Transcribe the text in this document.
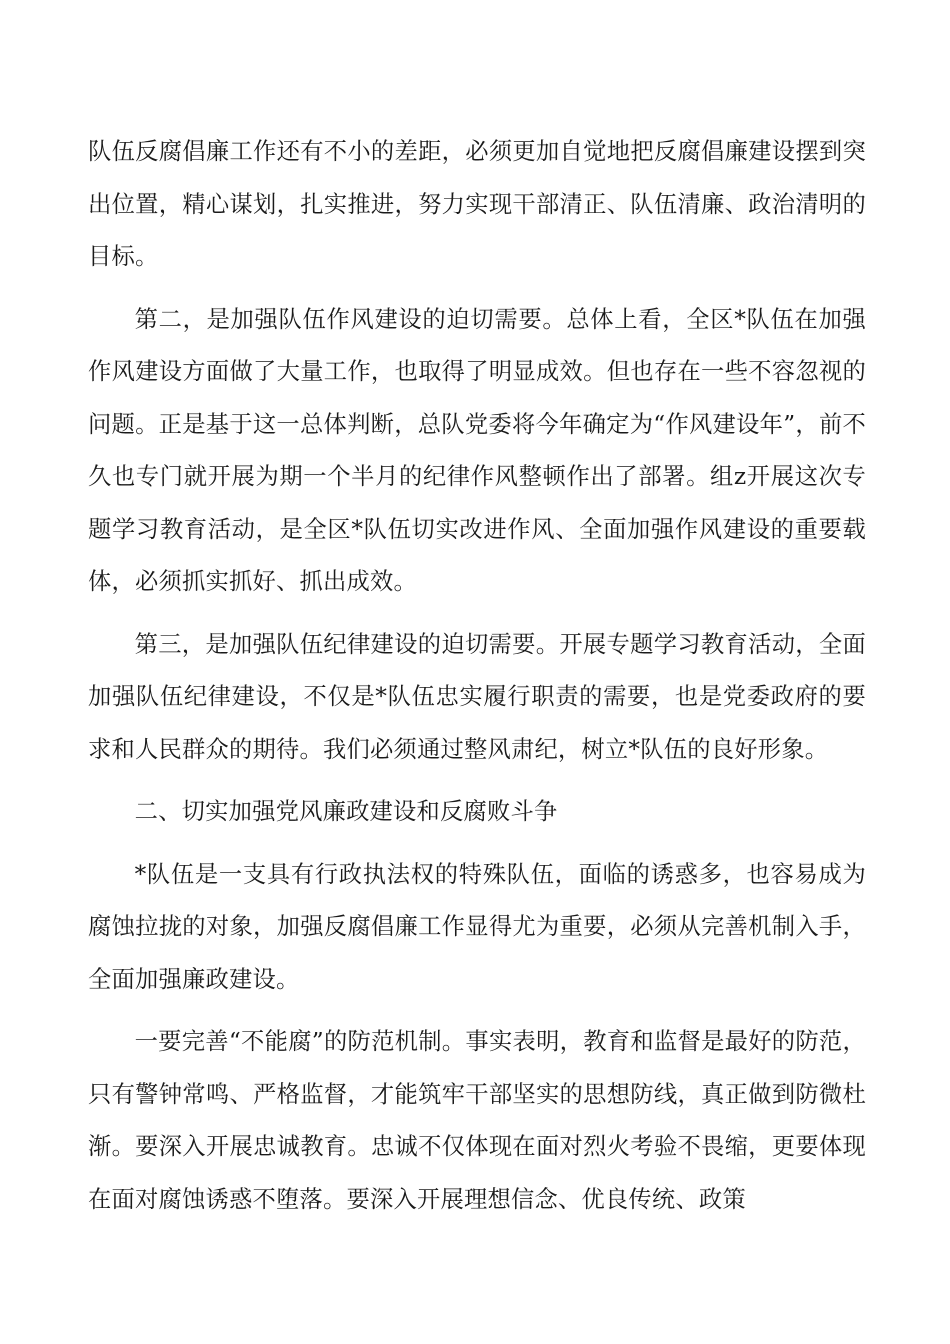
队伍反腐倡廉工作还有不小的差距，必须更加自觉地把反腐倡廉建设摆到突出位置，精心谋划，扎实推进，努力实现干部清正、队伍清廉、政治清明的目标。

第二，是加强队伍作风建设的迫切需要。总体上看，全区*队伍在加强作风建设方面做了大量工作，也取得了明显成效。但也存在一些不容忽视的问题。正是基于这一总体判断，总队党委将今年确定为“作风建设年”，前不久也专门就开展为期一个半月的纪律作风整顿作出了部署。组z开展这次专题学习教育活动，是全区*队伍切实改进作风、全面加强作风建设的重要载体，必须抓实抓好、抓出成效。

第三，是加强队伍纪律建设的迫切需要。开展专题学习教育活动，全面加强队伍纪律建设，不仅是*队伍忠实履行职责的需要，也是党委政府的要求和人民群众的期待。我们必须通过整风肃纪，树立*队伍的良好形象。

二、切实加强党风廉政建设和反腐败斗争

*队伍是一支具有行政执法权的特殊队伍，面临的诱惑多，也容易成为腐蚀拉拢的对象，加强反腐倡廉工作显得尤为重要，必须从完善机制入手，全面加强廉政建设。

一要完善“不能腐”的防范机制。事实表明，教育和监督是最好的防范，只有警钟常鸣、严格监督，才能筑牢干部坚实的思想防线，真正做到防微杜渐。要深入开展忠诚教育。忠诚不仅体现在面对烈火考验不畏缩，更要体现在面对腐蚀诱惑不堕落。要深入开展理想信念、优良传统、政策
